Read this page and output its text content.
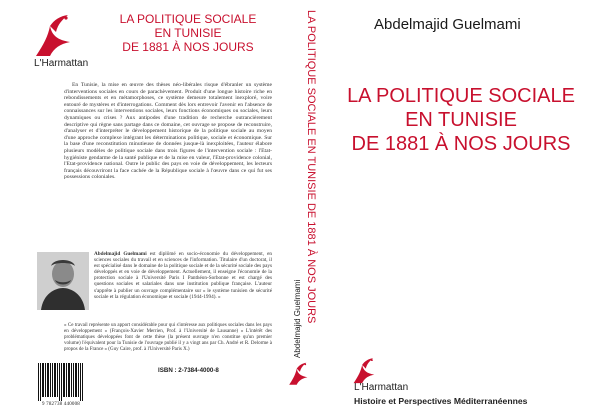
L'Harmattan
LA POLITIQUE SOCIALE
EN TUNISIE
DE 1881 À NOS JOURS

En Tunisie, la mise en œuvre des thèses néo-libérales risque d'ébranler un système d'interventions sociales en cours de parachèvement. Produit d'une longue histoire riche en rebondissements et en métamorphoses, ce système demeure totalement inexploré, voire entouré de mystères et d'interrogations. Comment dès lors entrevoir l'avenir en l'absence de connaissances sur les interventions sociales, leurs fonctions économiques ou sociales, leurs dynamiques ou crises ? Aux antipodes d'une tradition de recherche outrancièrement descriptive qui règne sans partage dans ce domaine, cet ouvrage se propose de reconstruire, d'analyser et d'interpréter le développement historique de la politique sociale au moyen d'une approche complexe intégrant les déterminations politique, sociale et économique. Sur la base d'une reconstitution minutieuse de données jusque-là inexploitées, l'auteur élabore plusieurs modèles de politique sociale dans trois figures de l'intervention sociale : l'Etat-hygiéniste gendarme de la santé publique et de la mise en valeur, l'Etat-providence colonial, l'Etat-providence national. Outre le public des pays en voie de développement, les lecteurs français découvriront la face cachée de la République sociale à l'œuvre dans ce qui fut ses possessions coloniales.

Abdelmajid Guelmami est diplômé en socio-économie du développement, en sciences sociales du travail et en sciences de l'information. Titulaire d'un doctorat, il est spécialisé dans le domaine de la politique sociale et de la sécurité sociale des pays développés et en voie de développement. Actuellement, il enseigne l'économie de la protection sociale à l'Université Paris I Panthéon-Sorbonne et est chargé des questions sociales et salariales dans une institution publique française. L'auteur s'apprête à publier un ouvrage complémentaire sur « le système tunisien de sécurité sociale et la régulation économique et sociale (1944-1994). »

« Ce travail représente un apport considérable pour qui s'intéresse aux politiques sociales dans les pays en développement » (François-Xavier Merrien, Prof. à l'Université de Lausanne) « L'intérêt des problématiques développées font de cette thèse (la présent ouvrage n'en constitue qu'un premier volume) l'équivalent pour la Tunisie de l'ouvrage publié il y a vingt ans par Ch. André et R. Delorme à propos de la France » (Guy Caire, prof. à l'Université Paris X.)

9 782738 440008
ISBN : 2-7384-4000-8
LA POLITIQUE SOCIALE EN TUNISIE DE 1881 À NOS JOURS
Abdelmajid Guelmami
Abdelmajid Guelmami
LA POLITIQUE SOCIALE
EN TUNISIE
DE 1881 À NOS JOURS
L'Harmattan
Histoire et Perspectives Méditerranéennes
